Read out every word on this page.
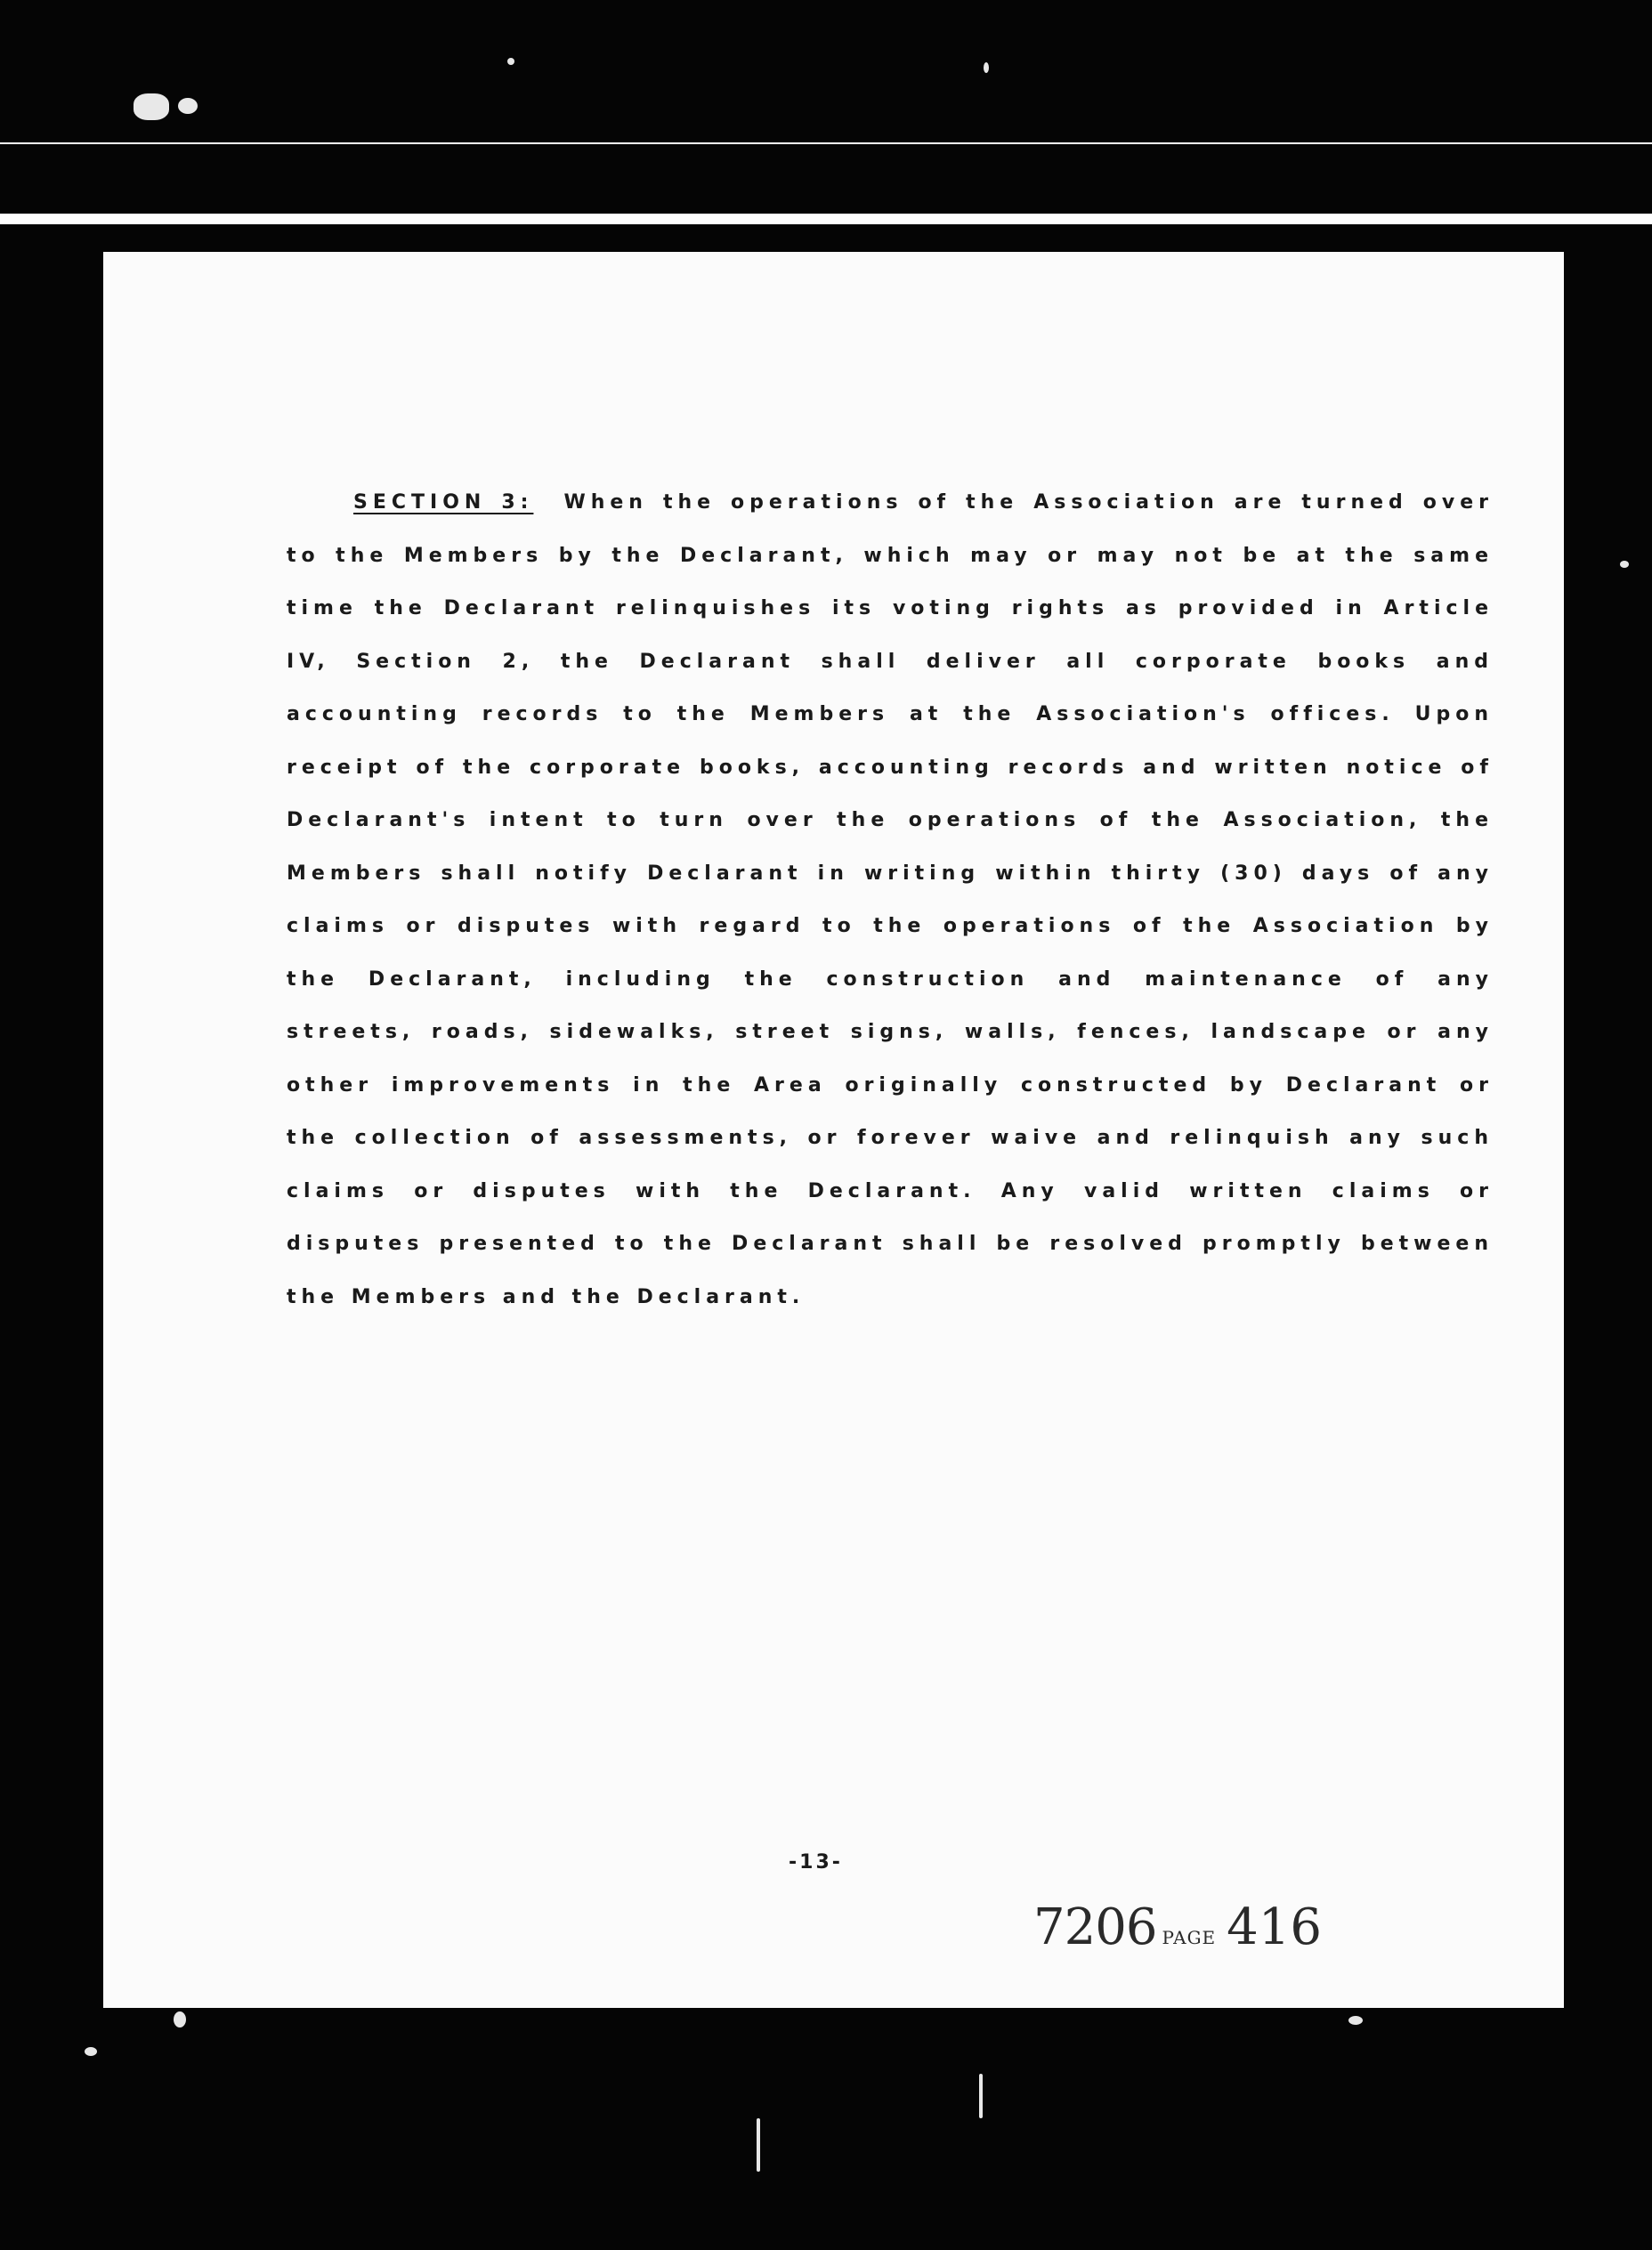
SECTION 3: When the operations of the Association are turned over to the Members by the Declarant, which may or may not be at the same time the Declarant relinquishes its voting rights as provided in Article IV, Section 2, the Declarant shall deliver all corporate books and accounting records to the Members at the Association's offices. Upon receipt of the corporate books, accounting records and written notice of Declarant's intent to turn over the operations of the Association, the Members shall notify Declarant in writing within thirty (30) days of any claims or disputes with regard to the operations of the Association by the Declarant, including the construction and maintenance of any streets, roads, sidewalks, street signs, walls, fences, landscape or any other improvements in the Area originally constructed by Declarant or the collection of assessments, or forever waive and relinquish any such claims or disputes with the Declarant. Any valid written claims or disputes presented to the Declarant shall be resolved promptly between the Members and the Declarant.

-13-
7206 PAGE 416
